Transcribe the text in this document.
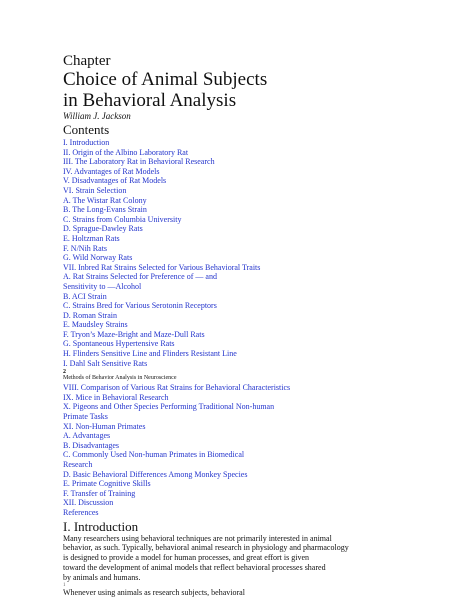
Chapter
Choice of Animal Subjects
in Behavioral Analysis
William J. Jackson
Contents
I. Introduction
II. Origin of the Albino Laboratory Rat
III. The Laboratory Rat in Behavioral Research
IV. Advantages of Rat Models
V. Disadvantages of Rat Models
VI. Strain Selection
A. The Wistar Rat Colony
B. The Long-Evans Strain
C. Strains from Columbia University
D. Sprague-Dawley Rats
E. Holtzman Rats
F. N/Nih Rats
G. Wild Norway Rats
VII. Inbred Rat Strains Selected for Various Behavioral Traits
A. Rat Strains Selected for Preference of — and
Sensitivity to —Alcohol
B. ACI Strain
C. Strains Bred for Various Serotonin Receptors
D. Roman Strain
E. Maudsley Strains
F. Tryon’s Maze-Bright and Maze-Dull Rats
G. Spontaneous Hypertensive Rats
H. Flinders Sensitive Line and Flinders Resistant Line
I. Dahl Salt Sensitive Rats
2
Methods of Behavior Analysis in Neuroscience
VIII. Comparison of Various Rat Strains for Behavioral Characteristics
IX. Mice in Behavioral Research
X. Pigeons and Other Species Performing Traditional Non-human
Primate Tasks
XI. Non-Human Primates
A. Advantages
B. Disadvantages
C. Commonly Used Non-human Primates in Biomedical
Research
D. Basic Behavioral Differences Among Monkey Species
E. Primate Cognitive Skills
F. Transfer of Training
XII. Discussion
References
I. Introduction
Many researchers using behavioral techniques are not primarily interested in animal
behavior, as such. Typically, behavioral animal research in physiology and pharmacology
is designed to provide a model for human processes, and great effort is given
toward the development of animal models that reflect behavioral processes shared
by animals and humans.
1
Whenever using animals as research subjects, behavioral
